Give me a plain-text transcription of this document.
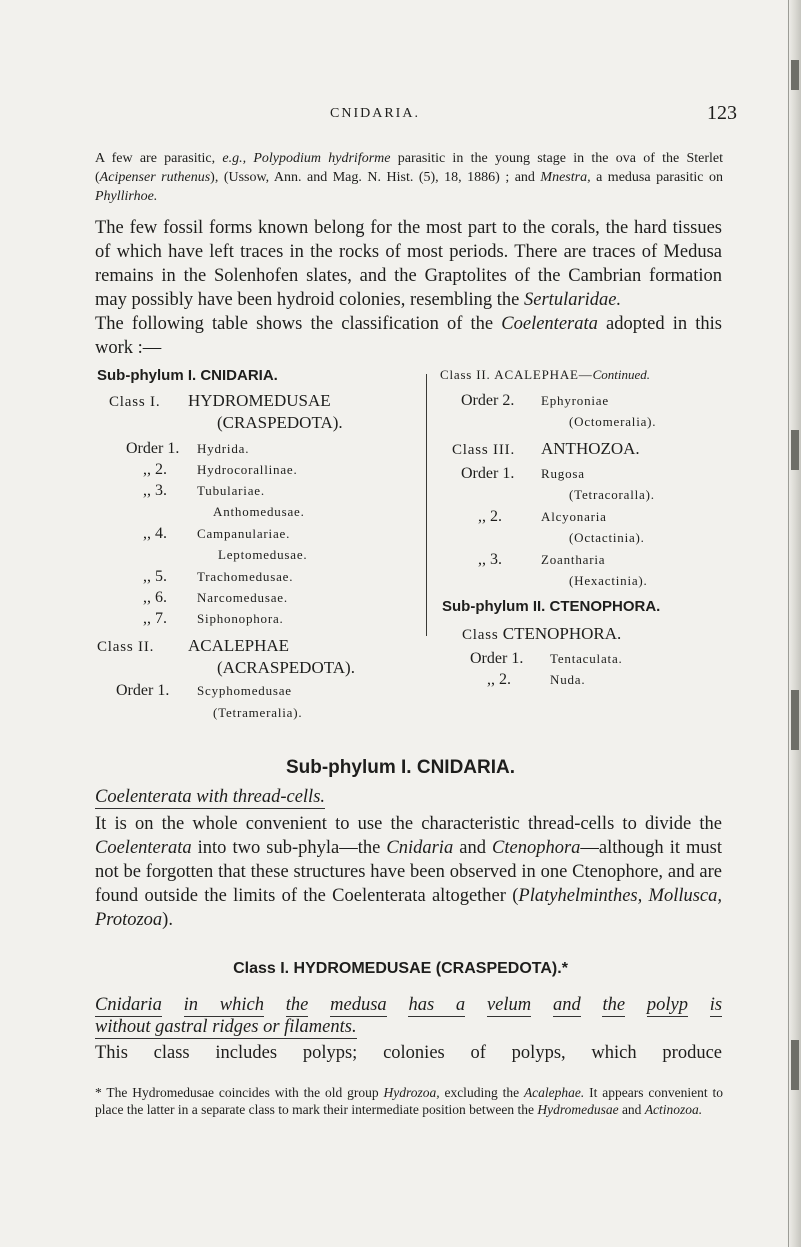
CNIDARIA.	123

A few are parasitic, e.g., Polypodium hydriforme parasitic in the young stage in the ova of the Sterlet (Acipenser ruthenus), (Ussow, Ann. and Mag. N. Hist. (5), 18, 1886) ; and Mnestra, a medusa parasitic on Phyllirhoe.

The few fossil forms known belong for the most part to the corals, the hard tissues of which have left traces in the rocks of most periods. There are traces of Medusa remains in the Solenhofen slates, and the Graptolites of the Cambrian formation may possibly have been hydroid colonies, resembling the Sertularidae.

The following table shows the classification of the Coelenterata adopted in this work :—

Sub-phylum I. CNIDARIA.

Class I. HYDROMEDUSAE

(CRASPEDOTA).

Order 1. Hydrida.

,, 2. Hydrocorallinae.

,, 3. Tubulariae.

Anthomedusae.

,, 4. Campanulariae.

Leptomedusae.

,, 5. Trachomedusae.

,, 6. Narcomedusae.

,, 7. Siphonophora.

Class II. ACALEPHAE

(ACRASPEDOTA).

Order 1. Scyphomedusae

(Tetrameralia).

Class II. ACALEPHAE—Continued.

Order 2. Ephyroniae

(Octomeralia).

Class III. ANTHOZOA.

Order 1. Rugosa

(Tetracoralla).

,, 2.	Alcyonaria

(Octactinia).

,, 3.	Zoantharia

(Hexactinia).

Sub-phylum II. CTENOPHORA.

Class CTENOPHORA.

Order 1. Tentaculata.

,, 2.	Nuda.

Sub-phylum I. CNIDARIA.

Coelenterata with thread-cells.

It is on the whole convenient to use the characteristic thread-cells to divide the Coelenterata into two sub-phyla—the Cnidaria and Ctenophora—although it must not be forgotten that these structures have been observed in one Ctenophore, and are found outside the limits of the Coelenterata altogether (Platyhelminthes, Mollusca, Protozoa).

Class I. HYDROMEDUSAE (CRASPEDOTA).*

Cnidaria in which the medusa has a velum and the polyp is

without gastral ridges or filaments.

This class includes polyps; colonies of polyps, which produce

* The Hydromedusae coincides with the old group Hydrozoa, excluding the Acalephae. It appears convenient to place the latter in a separate class to mark their intermediate position between the Hydromedusae and Actinozoa.
